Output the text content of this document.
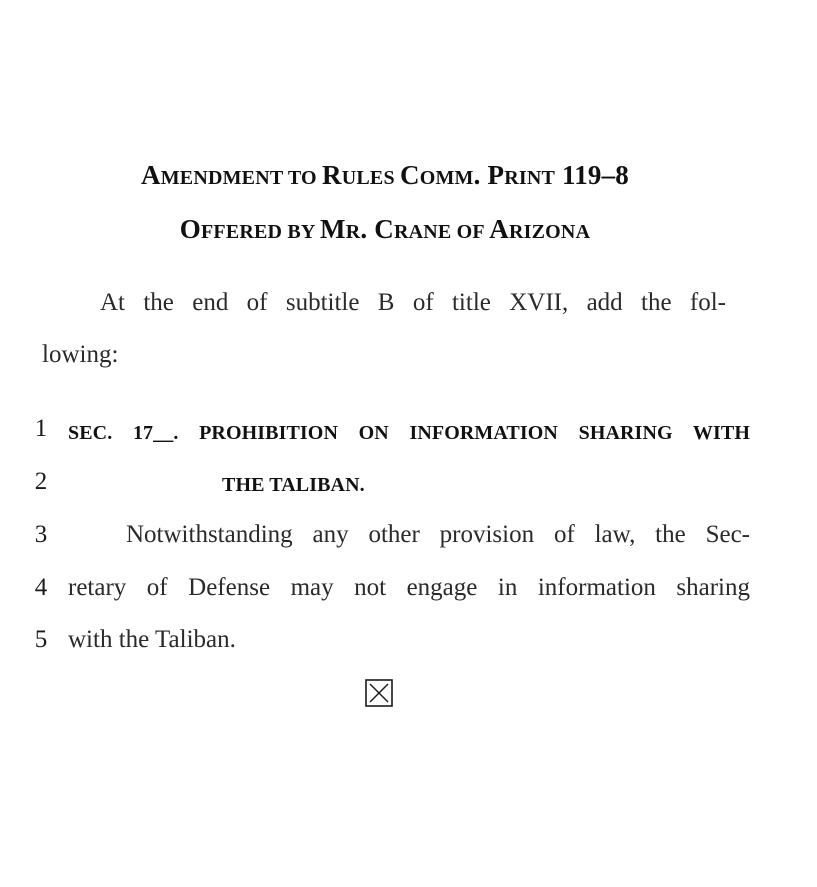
AMENDMENT TO RULES COMM. PRINT 119–8
OFFERED BY MR. CRANE OF ARIZONA
At the end of subtitle B of title XVII, add the fol-
lowing:
1
2
3
4
5
SEC. 17__. PROHIBITION ON INFORMATION SHARING WITH
THE TALIBAN.
Notwithstanding any other provision of law, the Sec-
retary of Defense may not engage in information sharing
with the Taliban.
